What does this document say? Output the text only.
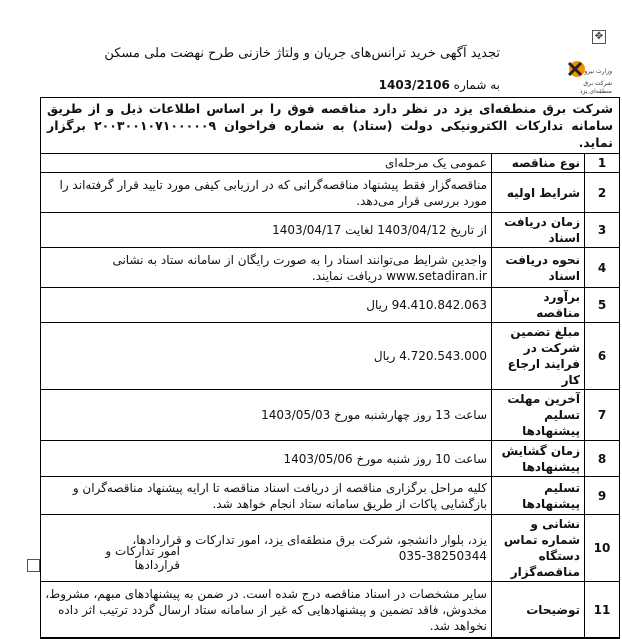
✥
وزارت نیرو
شرکت برق منطقه‌ای یزد
تجدید آگهی خرید ترانس‌های جریان و ولتاژ خازنی طرح نهضت ملی مسکن
به شماره 1403/2106
شرکت برق منطقه‌ای یزد در نظر دارد مناقصه فوق را بر اساس اطلاعات ذیل و از طریق سامانه تدارکات الکترونیکی دولت (ستاد) به شماره فراخوان ۲۰۰۳۰۰۱۰۷۱۰۰۰۰۰۹ برگزار نماید.
1	نوع مناقصه	عمومی یک مرحله‌ای
2	شرایط اولیه	مناقصه‌گزار فقط پیشنهاد مناقصه‌گرانی که در ارزیابی کیفی مورد تایید قرار گرفته‌اند را مورد بررسی قرار می‌دهد.
3	زمان دریافت اسناد	از تاریخ 1403/04/12 لغایت 1403/04/17
4	نحوه دریافت اسناد	واجدین شرایط می‌توانند اسناد را به صورت رایگان از سامانه ستاد به نشانی www.setadiran.ir دریافت نمایند.
5	برآورد مناقصه	94.410.842.063 ریال
6	مبلغ تضمین شرکت در فرایند ارجاع کار	4.720.543.000 ریال
7	آخرین مهلت تسلیم پیشنهادها	ساعت 13 روز چهارشنبه مورخ 1403/05/03
8	زمان گشایش پیشنهادها	ساعت 10 روز شنبه مورخ 1403/05/06
9	تسلیم پیشنهادها	کلیه مراحل برگزاری مناقصه از دریافت اسناد مناقصه تا ارایه پیشنهاد مناقصه‌گران و بازگشایی پاکات از طریق سامانه ستاد انجام خواهد شد.
10	نشانی و شماره تماس دستگاه مناقصه‌گزار	یزد، بلوار دانشجو، شرکت برق منطقه‌ای یزد، امور تدارکات و قراردادها،
035-38250344
11	توضیحات	سایر مشخصات در اسناد مناقصه درج شده است. در ضمن به پیشنهادهای مبهم، مشروط، مخدوش، فاقد تضمین و پیشنهادهایی که غیر از سامانه ستاد ارسال گردد ترتیب اثر داده نخواهد شد.
امور تدارکات و قراردادها
